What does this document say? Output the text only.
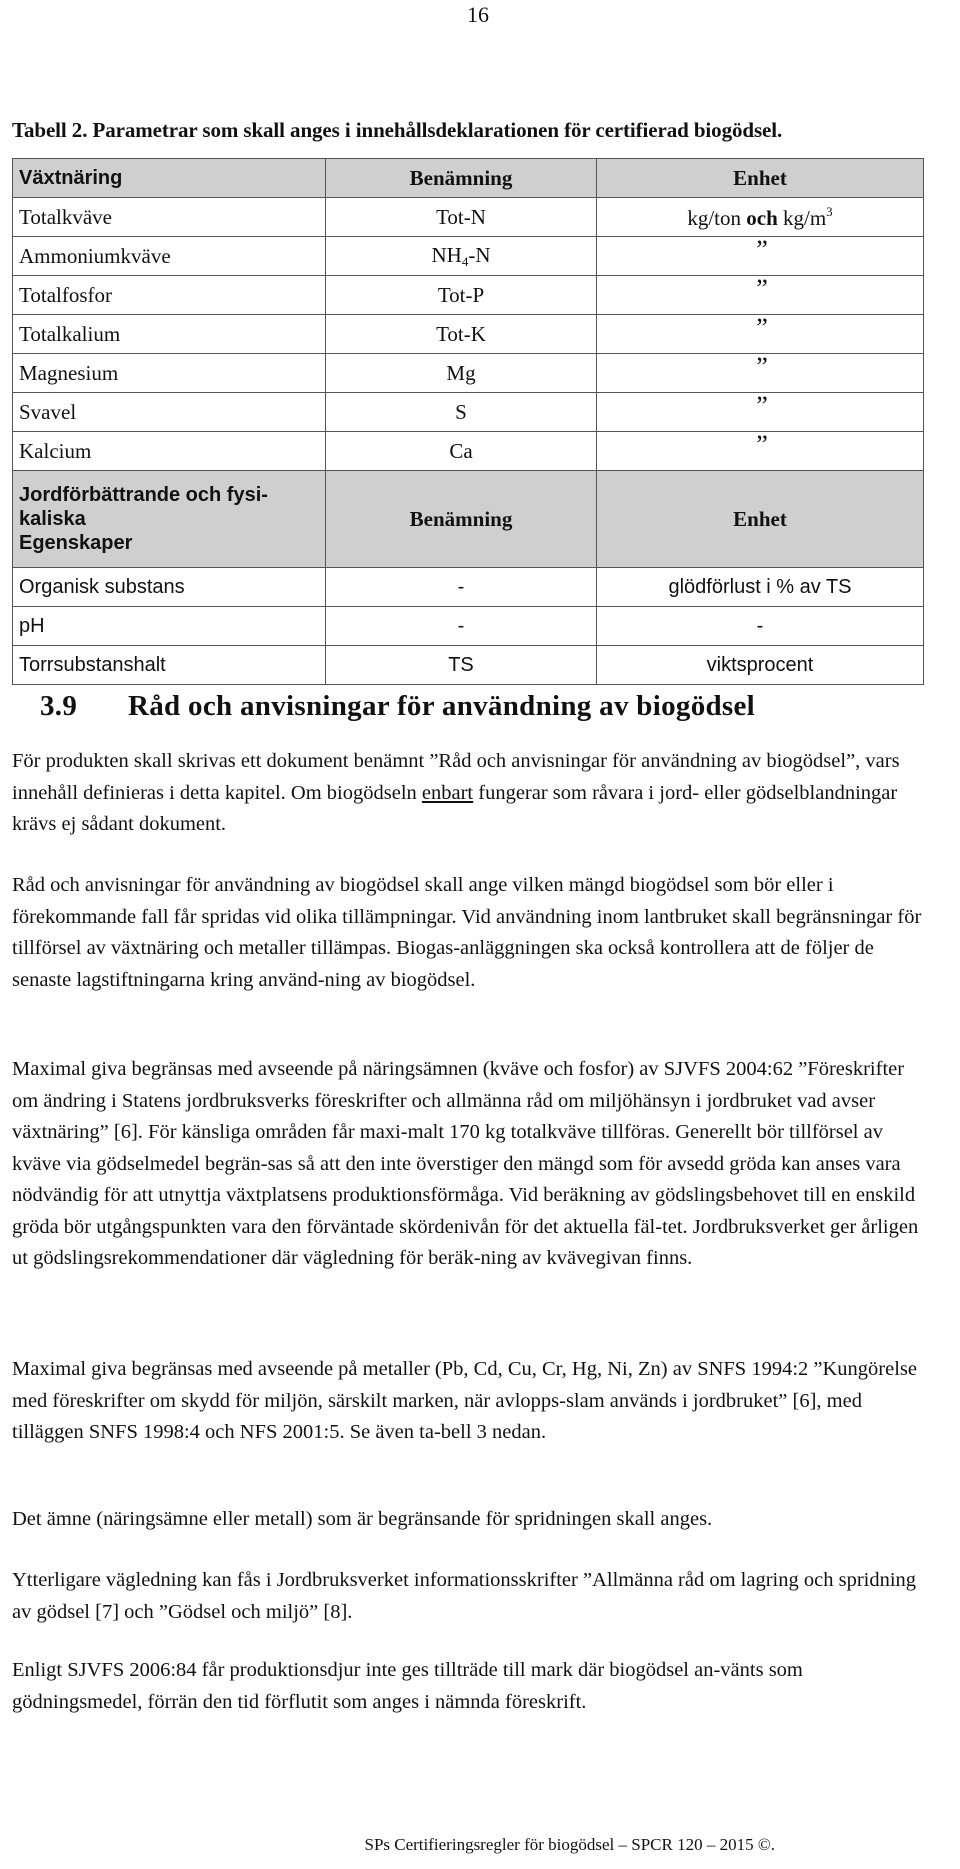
16
Tabell 2. Parametrar som skall anges i innehållsdeklarationen för certifierad biogödsel.
Växtnäring	Benämning	Enhet
Totalkväve	Tot-N	kg/ton och $kg/m^3$
Ammoniumkväve	$NH_4-N$	”
Totalfosfor	Tot-P	”
Totalkalium	Tot-K	”
Magnesium	Mg	”
Svavel	S	”
Kalcium	Ca	”

Jordförbättrande och fysi-
kaliska
Egenskaper	Benämning	Enhet
Organisk substans	-	glödförlust i % av TS
pH	-	-
Torrsubstanshalt	TS	viktsprocent
3.9 Råd och anvisningar för användning av biogödsel

För produkten skall skrivas ett dokument benämnt ”Råd och anvisningar för användning av biogödsel”, vars innehåll definieras i detta kapitel. Om biogödseln enbart fungerar som råvara i jord- eller gödselblandningar krävs ej sådant dokument.

Råd och anvisningar för användning av biogödsel skall ange vilken mängd biogödsel som bör eller i förekommande fall får spridas vid olika tillämpningar. Vid användning inom lantbruket skall begränsningar för tillförsel av växtnäring och metaller tillämpas. Biogas-anläggningen ska också kontrollera att de följer de senaste lagstiftningarna kring använd-ning av biogödsel.
Maximal giva begränsas med avseende på näringsämnen (kväve och fosfor) av SJVFS 2004:62 ”Föreskrifter om ändring i Statens jordbruksverks föreskrifter och allmänna råd om miljöhänsyn i jordbruket vad avser växtnäring” [6]. För känsliga områden får maxi-malt 170 kg totalkväve tillföras. Generellt bör tillförsel av kväve via gödselmedel begrän-sas så att den inte överstiger den mängd som för avsedd gröda kan anses vara nödvändig för att utnyttja växtplatsens produktionsförmåga. Vid beräkning av gödslingsbehovet till en enskild gröda bör utgångspunkten vara den förväntade skördenivån för det aktuella fäl-tet. Jordbruksverket ger årligen ut gödslingsrekommendationer där vägledning för beräk-ning av kvävegivan finns.
Maximal giva begränsas med avseende på metaller (Pb, Cd, Cu, Cr, Hg, Ni, Zn) av SNFS 1994:2 ”Kungörelse med föreskrifter om skydd för miljön, särskilt marken, när avlopps-slam används i jordbruket” [6], med tilläggen SNFS 1998:4 och NFS 2001:5. Se även ta-bell 3 nedan.
Det ämne (näringsämne eller metall) som är begränsande för spridningen skall anges.
Ytterligare vägledning kan fås i Jordbruksverket informationsskrifter ”Allmänna råd om lagring och spridning av gödsel [7] och ”Gödsel och miljö” [8].
Enligt SJVFS 2006:84 får produktionsdjur inte ges tillträde till mark där biogödsel an-vänts som gödningsmedel, förrän den tid förflutit som anges i nämnda föreskrift.
SPs Certifieringsregler för biogödsel – SPCR 120 – 2015 ©.
